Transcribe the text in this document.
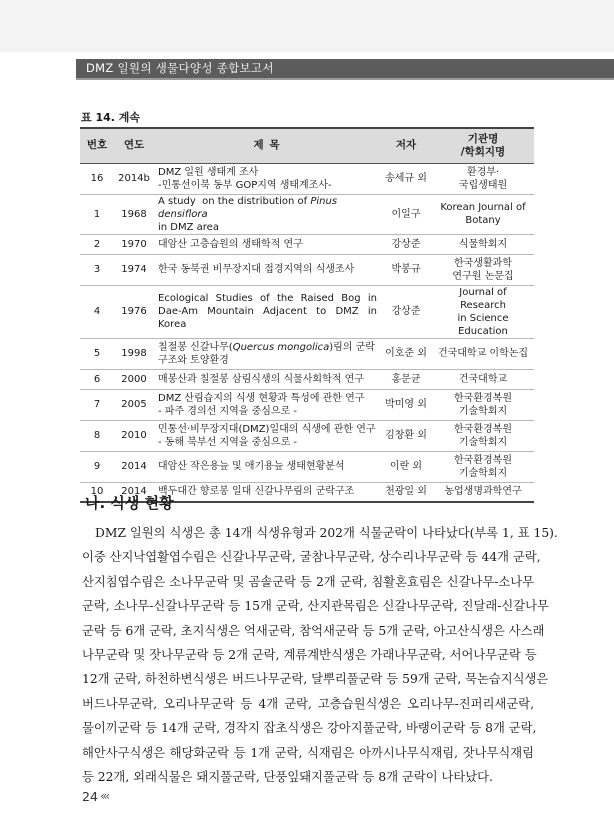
DMZ 일원의 생물다양성 종합보고서
표 14. 계속
번호	연도	제 목	저자	기관명
/학회지명

16	2014b	DMZ 일원 생태계 조사
-민통선이북 동부 GOP지역 생태계조사-	송세규 외	환경부·
국립생태원

1	1968	A study  on the distribution of Pinus densiflora
in DMZ area	이일구	Korean Journal of
Botany

2	1970	대암산 고층습원의 생태학적 연구	강상준	식물학회지
3	1974	한국 동북권 비무장지대 접경지역의 식생조사	박봉규	한국생활과학
연구원 논문집

4	1976	Ecological Studies of the Raised Bog in
Dae-Am Mountain Adjacent to DMZ in Korea	강상준	Journal of Research
in Science Education

5	1998	칠절봉 신갈나무(Quercus mongolica)림의 군락
구조와 토양환경	이호준 외	건국대학교 이학논집
6	2000	매봉산과 칠절봉 삼림식생의 식물사회학적 연구	홍문균	건국대학교
7	2005	DMZ 산림습지의 식생 현황과 특성에 관한 연구
- 파주 경의선 지역을 중심으로 -	박미영 외	한국환경복원
기술학회지

8	2010	민통선·비무장지대(DMZ)일대의 식생에 관한 연구
- 동해 북부선 지역을 중심으로 -	김창환 외	한국환경복원
기술학회지

9	2014	대암산 작은용늪 및 애기용늪 생태현황분석	이란 외	한국환경복원
기술학회지

10	2014	백두대간 향로봉 일대 신갈나무림의 군락구조	천광일 외	농업생명과학연구
나. 식생 현황
DMZ 일원의 식생은 총 14개 식생유형과 202개 식물군락이 나타났다(부록 1, 표 15).
이중 산지낙엽활엽수림은 신갈나무군락, 굴참나무군락, 상수리나무군락 등 44개 군락,
산지침엽수림은 소나무군락 및 곰솔군락 등 2개 군락, 침활혼효림은 신갈나무-소나무
군락, 소나무-신갈나무군락 등 15개 군락, 산지관목림은 신갈나무군락, 진달래-신갈나무
군락 등 6개 군락, 초지식생은 억새군락, 참억새군락 등 5개 군락, 아고산식생은 사스래
나무군락 및 잣나무군락 등 2개 군락, 계류계반식생은 가래나무군락, 서어나무군락 등
12개 군락, 하천하변식생은 버드나무군락, 달뿌리풀군락 등 59개 군락, 묵논습지식생은
버드나무군락, 오리나무군락 등 4개 군락, 고층습원식생은 오리나무-진퍼리새군락,
물이끼군락 등 14개 군락, 경작지 잡초식생은 강아지풀군락, 바랭이군락 등 8개 군락,
해안사구식생은 해당화군락 등 1개 군락, 식재림은 아까시나무식재림, 잣나무식재림
등 22개, 외래식물은 돼지풀군락, 단풍잎돼지풀군락 등 8개 군락이 나타났다.
24 «‹
